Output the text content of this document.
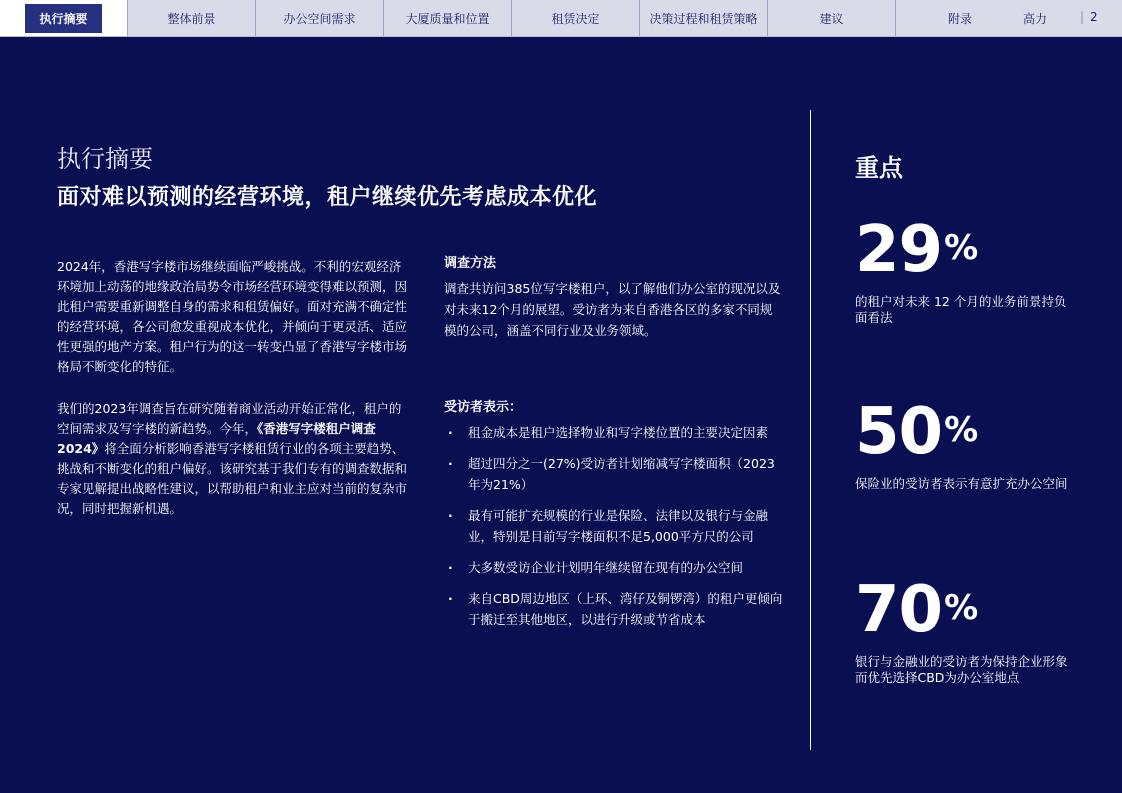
执行摘要	整体前景	办公空间需求	大厦质量和位置	租赁决定	决策过程和租赁策略	建议	附录	高力	| 2
执行摘要
面对难以预测的经营环境，租户继续优先考虑成本优化

2024年，香港写字楼市场继续面临严峻挑战。不利的宏观经济环境加上动荡的地缘政治局势令市场经营环境变得难以预测，因此租户需要重新调整自身的需求和租赁偏好。面对充满不确定性的经营环境，各公司愈发重视成本优化，并倾向于更灵活、适应性更强的地产方案。租户行为的这一转变凸显了香港写字楼市场格局不断变化的特征。

我们的2023年调查旨在研究随着商业活动开始正常化，租户的空间需求及写字楼的新趋势。今年，《香港写字楼租户调查2024》将全面分析影响香港写字楼租赁行业的各项主要趋势、挑战和不断变化的租户偏好。该研究基于我们专有的调查数据和专家见解提出战略性建议，以帮助租户和业主应对当前的复杂市况，同时把握新机遇。

调查方法

调查共访问385位写字楼租户，以了解他们办公室的现况以及对未来12个月的展望。受访者为来自香港各区的多家不同规模的公司，涵盖不同行业及业务领域。

受访者表示：
· 租金成本是租户选择物业和写字楼位置的主要决定因素
· 超过四分之一(27%)受访者计划缩减写字楼面积（2023年为21%）
· 最有可能扩充规模的行业是保险、法律以及银行与金融业，特别是目前写字楼面积不足5,000平方尺的公司
· 大多数受访企业计划明年继续留在现有的办公空间
· 来自CBD周边地区（上环、湾仔及铜锣湾）的租户更倾向于搬迁至其他地区，以进行升级或节省成本
重点
29%
的租户对未来 12 个月的业务前景持负面看法
50%
保险业的受访者表示有意扩充办公空间
70%
银行与金融业的受访者为保持企业形象而优先选择CBD为办公室地点
